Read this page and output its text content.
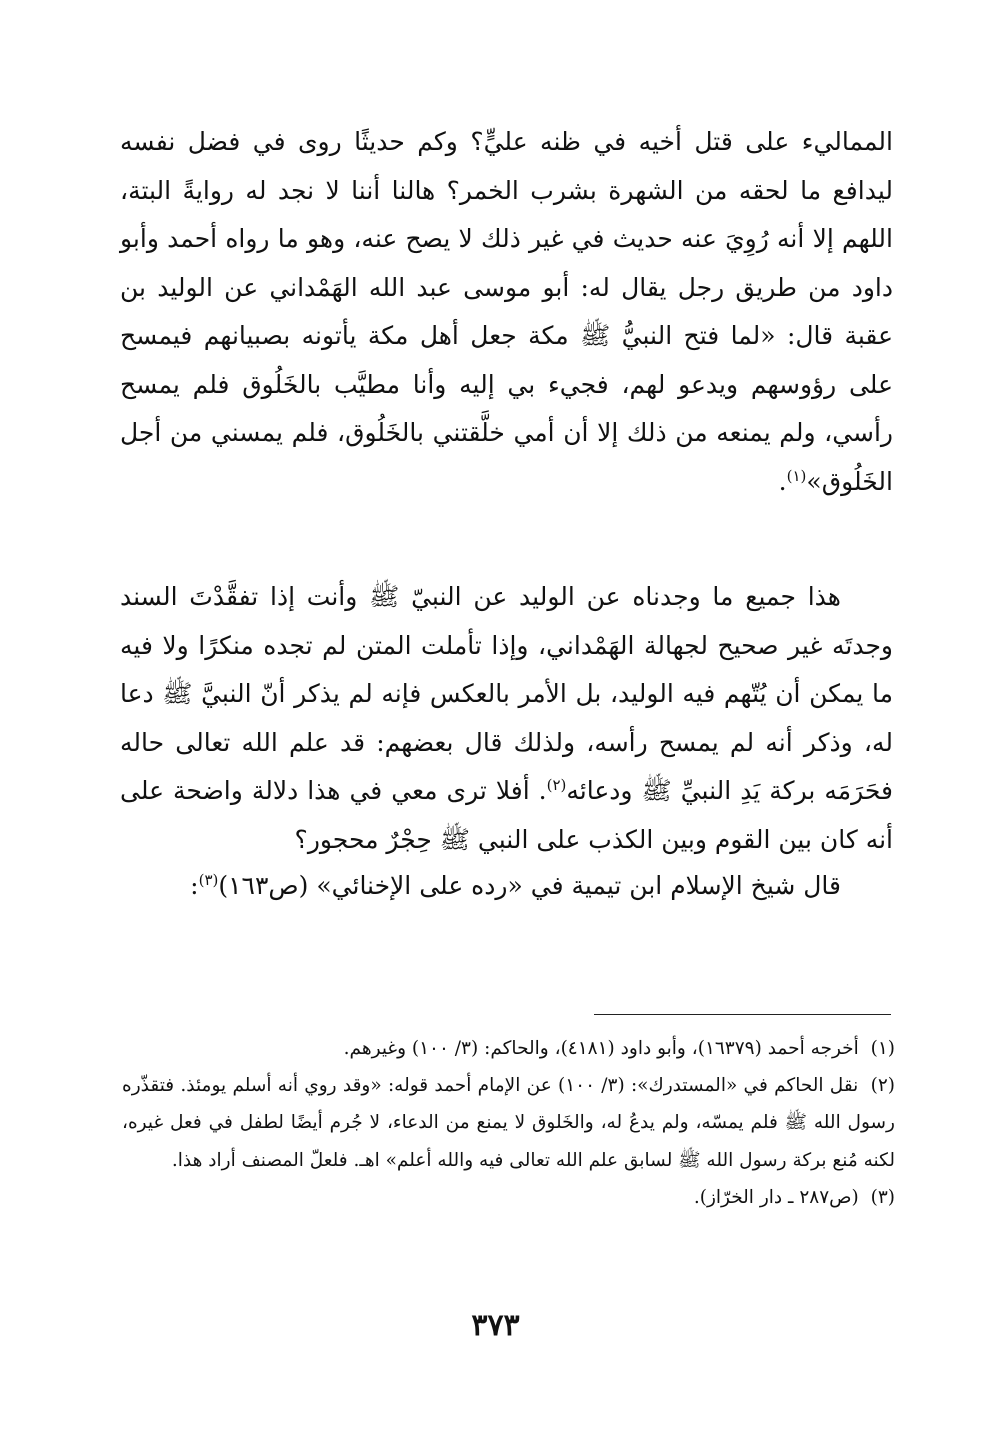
المماليء على قتل أخيه في ظنه عليٍّ؟ وكم حديثًا روى في فضل نفسه ليدافع ما لحقه من الشهرة بشرب الخمر؟ هالنا أننا لا نجد له روايةً البتة، اللهم إلا أنه رُوِيَ عنه حديث في غير ذلك لا يصح عنه، وهو ما رواه أحمد وأبو داود من طريق رجل يقال له: أبو موسى عبد الله الهَمْداني عن الوليد بن عقبة قال: «لما فتح النبيُّ ﷺ مكة جعل أهل مكة يأتونه بصبيانهم فيمسح على رؤوسهم ويدعو لهم، فجيء بي إليه وأنا مطيَّب بالخَلُوق فلم يمسح رأسي، ولم يمنعه من ذلك إلا أن أمي خلَّقتني بالخَلُوق، فلم يمسني من أجل الخَلُوق»$^{(١)}$.

هذا جميع ما وجدناه عن الوليد عن النبيّ ﷺ وأنت إذا تفقَّدْتَ السند وجدتَه غير صحيح لجهالة الهَمْداني، وإذا تأملت المتن لم تجده منكرًا ولا فيه ما يمكن أن يُتّهم فيه الوليد، بل الأمر بالعكس فإنه لم يذكر أنّ النبيَّ ﷺ دعا له، وذكر أنه لم يمسح رأسه، ولذلك قال بعضهم: قد علم الله تعالى حاله فحَرَمَه بركة يَدِ النبيِّ ﷺ ودعائه$^{(٢)}$. أفلا ترى معي في هذا دلالة واضحة على أنه كان بين القوم وبين الكذب على النبي ﷺ حِجْرٌ محجور؟

قال شيخ الإسلام ابن تيمية في «رده على الإخنائي» (ص١٦٣)$^{(٣)}$:

(١) أخرجه أحمد (١٦٣٧٩)، وأبو داود (٤١٨١)، والحاكم: (٣/ ١٠٠) وغيرهم.

(٢) نقل الحاكم في «المستدرك»: (٣/ ١٠٠) عن الإمام أحمد قوله: «وقد روي أنه أسلم يومئذ. فتقذّره رسول الله ﷺ فلم يمسّه، ولم يدعُ له، والخَلوق لا يمنع من الدعاء، لا جُرم أيضًا لطفل في فعل غيره، لكنه مُنع بركة رسول الله ﷺ لسابق علم الله تعالى فيه والله أعلم» اهـ. فلعلّ المصنف أراد هذا.

(٣) (ص٢٨٧ ـ دار الخرّاز).

٣٧٣
